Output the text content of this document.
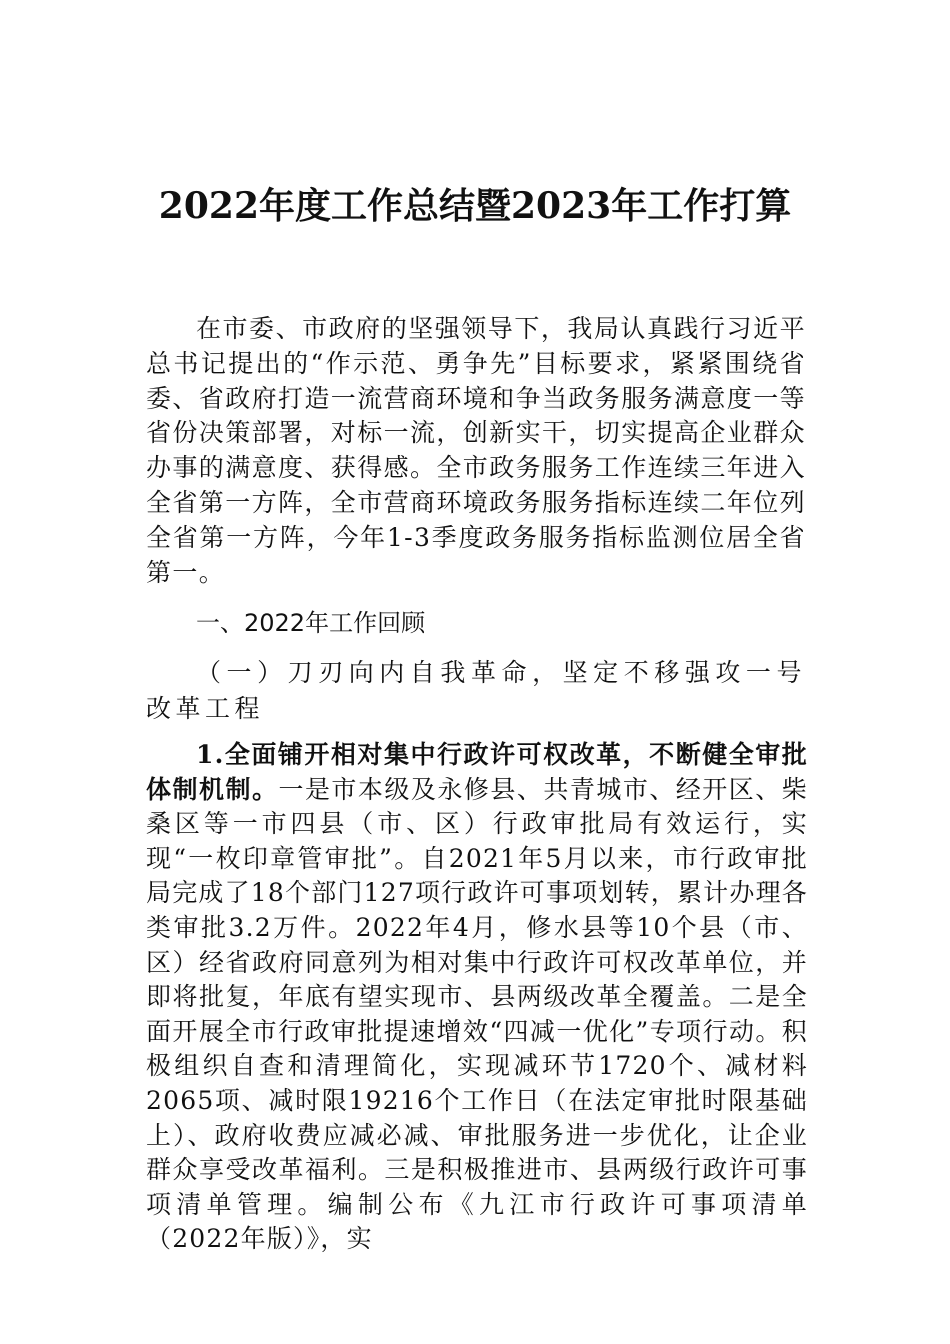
2022年度工作总结暨2023年工作打算

在市委、市政府的坚强领导下，我局认真践行习近平总书记提出的“作示范、勇争先”目标要求，紧紧围绕省委、省政府打造一流营商环境和争当政务服务满意度一等省份决策部署，对标一流，创新实干，切实提高企业群众办事的满意度、获得感。全市政务服务工作连续三年进入全省第一方阵，全市营商环境政务服务指标连续二年位列全省第一方阵，今年1-3季度政务服务指标监测位居全省第一。

一、2022年工作回顾

（一）刀刃向内自我革命，坚定不移强攻一号改革工程

1.全面铺开相对集中行政许可权改革，不断健全审批体制机制。一是市本级及永修县、共青城市、经开区、柴桑区等一市四县（市、区）行政审批局有效运行，实现“一枚印章管审批”。自2021年5月以来，市行政审批局完成了18个部门127项行政许可事项划转，累计办理各类审批3.2万件。2022年4月，修水县等10个县（市、区）经省政府同意列为相对集中行政许可权改革单位，并即将批复，年底有望实现市、县两级改革全覆盖。二是全面开展全市行政审批提速增效“四减一优化”专项行动。积极组织自查和清理简化，实现减环节1720个、减材料2065项、减时限19216个工作日（在法定审批时限基础上）、政府收费应减必减、审批服务进一步优化，让企业群众享受改革福利。三是积极推进市、县两级行政许可事项清单管理。编制公布《九江市行政许可事项清单（2022年版）》，实
